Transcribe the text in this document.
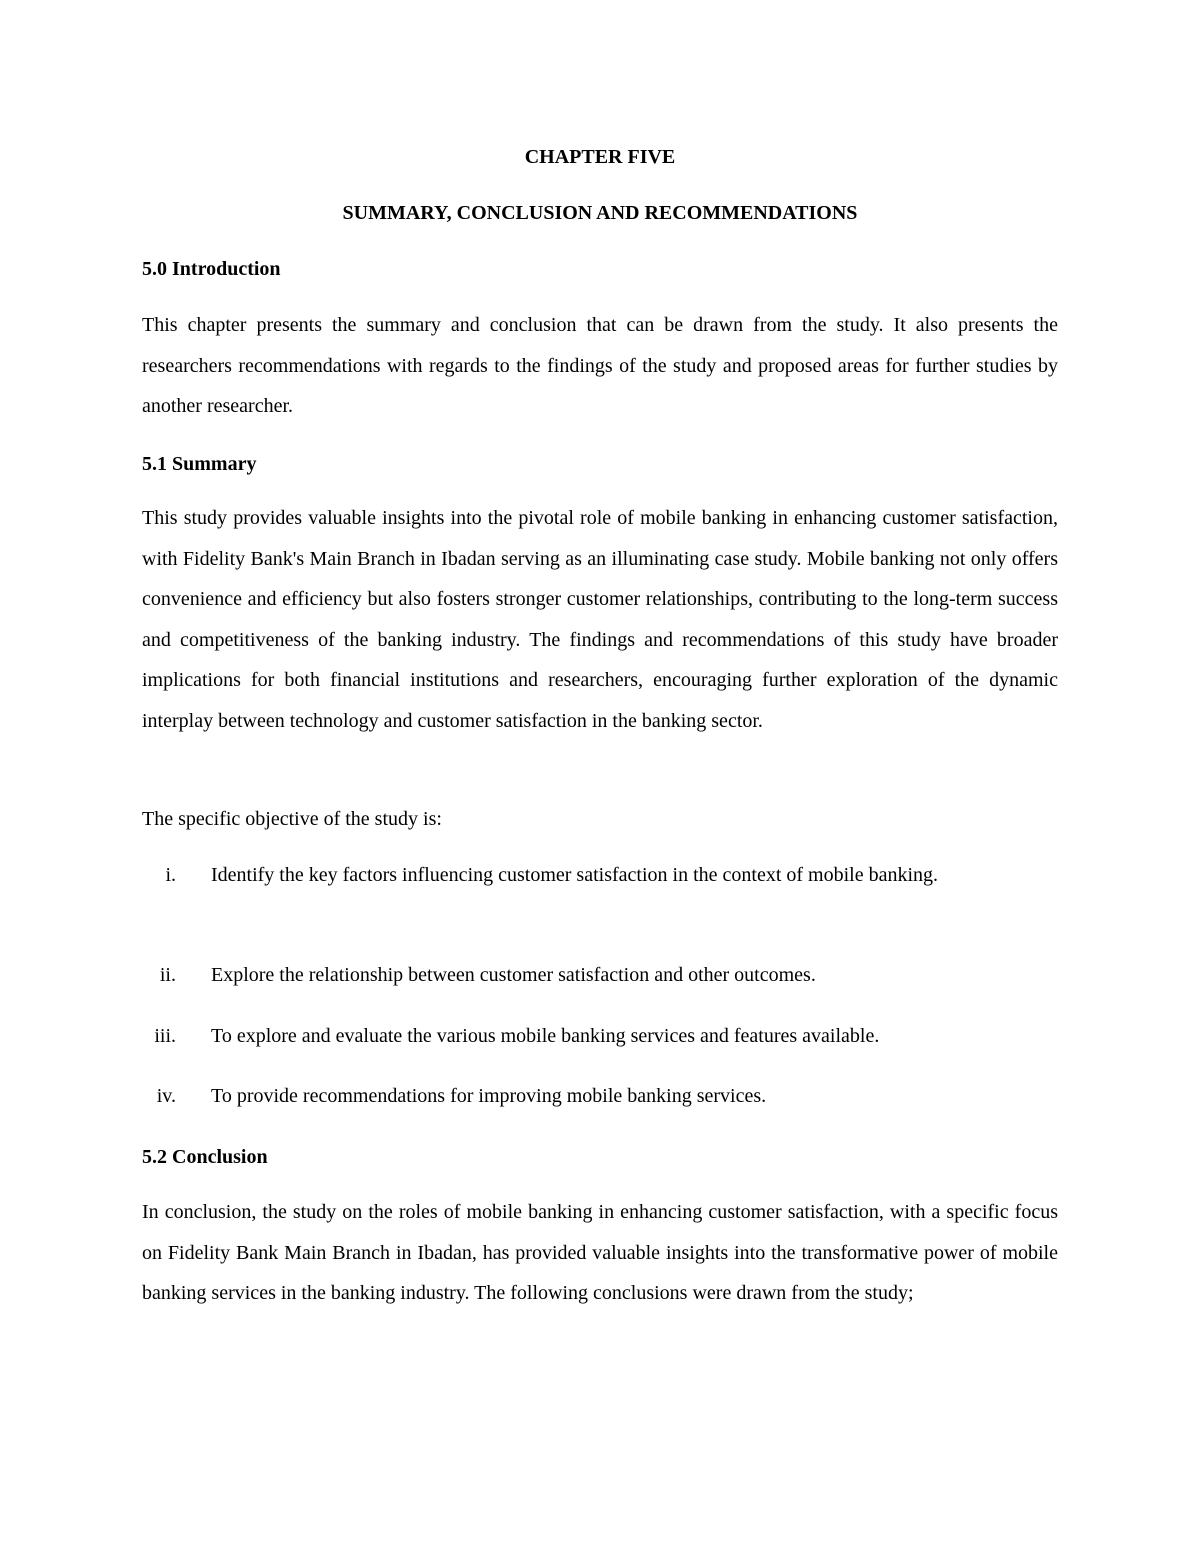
CHAPTER FIVE
SUMMARY, CONCLUSION AND RECOMMENDATIONS
5.0 Introduction
This chapter presents the summary and conclusion that can be drawn from the study. It also presents the researchers recommendations with regards to the findings of the study and proposed areas for further studies by another researcher.
5.1 Summary
This study provides valuable insights into the pivotal role of mobile banking in enhancing customer satisfaction, with Fidelity Bank's Main Branch in Ibadan serving as an illuminating case study. Mobile banking not only offers convenience and efficiency but also fosters stronger customer relationships, contributing to the long-term success and competitiveness of the banking industry. The findings and recommendations of this study have broader implications for both financial institutions and researchers, encouraging further exploration of the dynamic interplay between technology and customer satisfaction in the banking sector.
The specific objective of the study is:
i. Identify the key factors influencing customer satisfaction in the context of mobile banking.
ii. Explore the relationship between customer satisfaction and other outcomes.
iii. To explore and evaluate the various mobile banking services and features available.
iv. To provide recommendations for improving mobile banking services.
5.2 Conclusion
In conclusion, the study on the roles of mobile banking in enhancing customer satisfaction, with a specific focus on Fidelity Bank Main Branch in Ibadan, has provided valuable insights into the transformative power of mobile banking services in the banking industry. The following conclusions were drawn from the study;
